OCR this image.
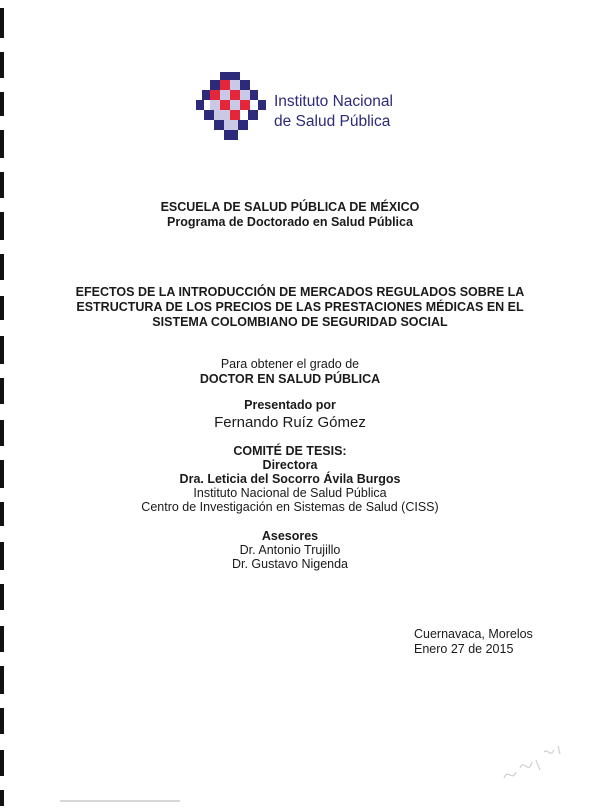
Instituto Nacional
de Salud Pública
ESCUELA DE SALUD PÚBLICA DE MÉXICO
Programa de Doctorado en Salud Pública
EFECTOS DE LA INTRODUCCIÓN DE MERCADOS REGULADOS SOBRE LA
ESTRUCTURA DE LOS PRECIOS DE LAS PRESTACIONES MÉDICAS EN EL
SISTEMA COLOMBIANO DE SEGURIDAD SOCIAL
Para obtener el grado de
DOCTOR EN SALUD PÚBLICA
Presentado por
Fernando Ruíz Gómez
COMITÉ DE TESIS:
Directora
Dra. Leticia del Socorro Ávila Burgos
Instituto Nacional de Salud Pública
Centro de Investigación en Sistemas de Salud (CISS)
Asesores
Dr. Antonio Trujillo
Dr. Gustavo Nigenda
Cuernavaca, Morelos
Enero 27 de 2015
